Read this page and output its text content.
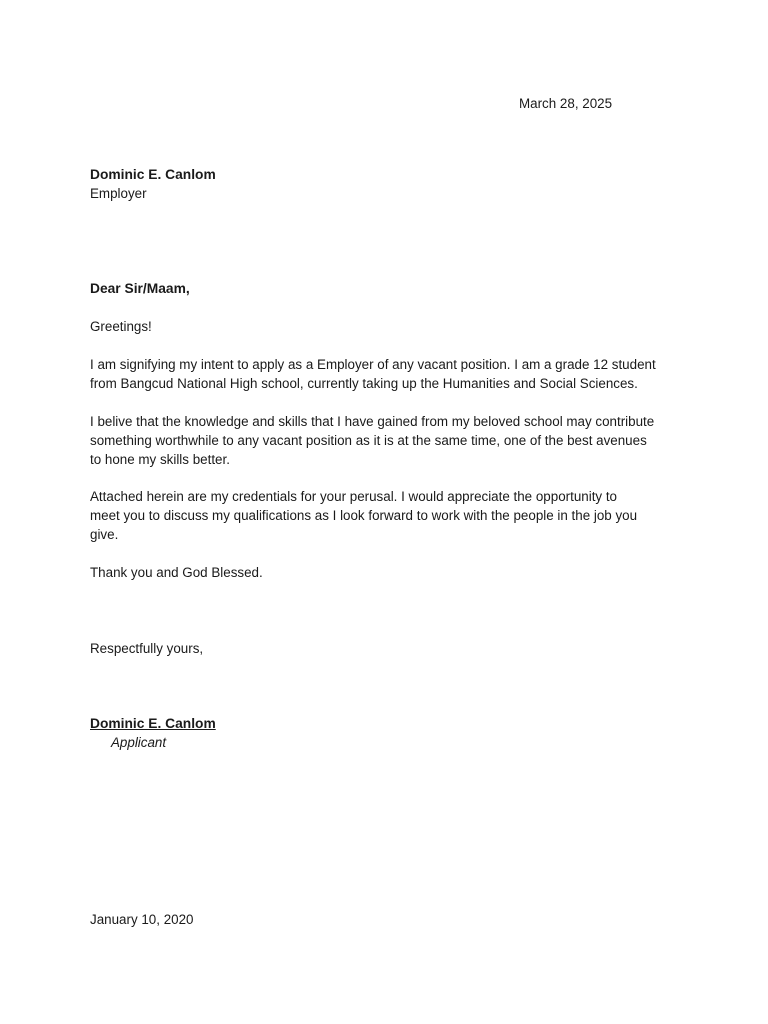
March 28, 2025
Dominic E. Canlom
Employer
Dear Sir/Maam,
Greetings!
I am signifying my intent to apply as a Employer of any vacant position. I am a grade 12 student
from Bangcud National High school, currently taking up the Humanities and Social Sciences.
I belive that the knowledge and skills that I have gained from my beloved school may contribute
something worthwhile to any vacant position as it is at the same time, one of the best avenues
to hone my skills better.
Attached herein are my credentials for your perusal. I would appreciate the opportunity to
meet you to discuss my qualifications as I look forward to work with the people in the job you
give.
Thank you and God Blessed.
Respectfully yours,
Dominic E. Canlom
Applicant
January 10, 2020
